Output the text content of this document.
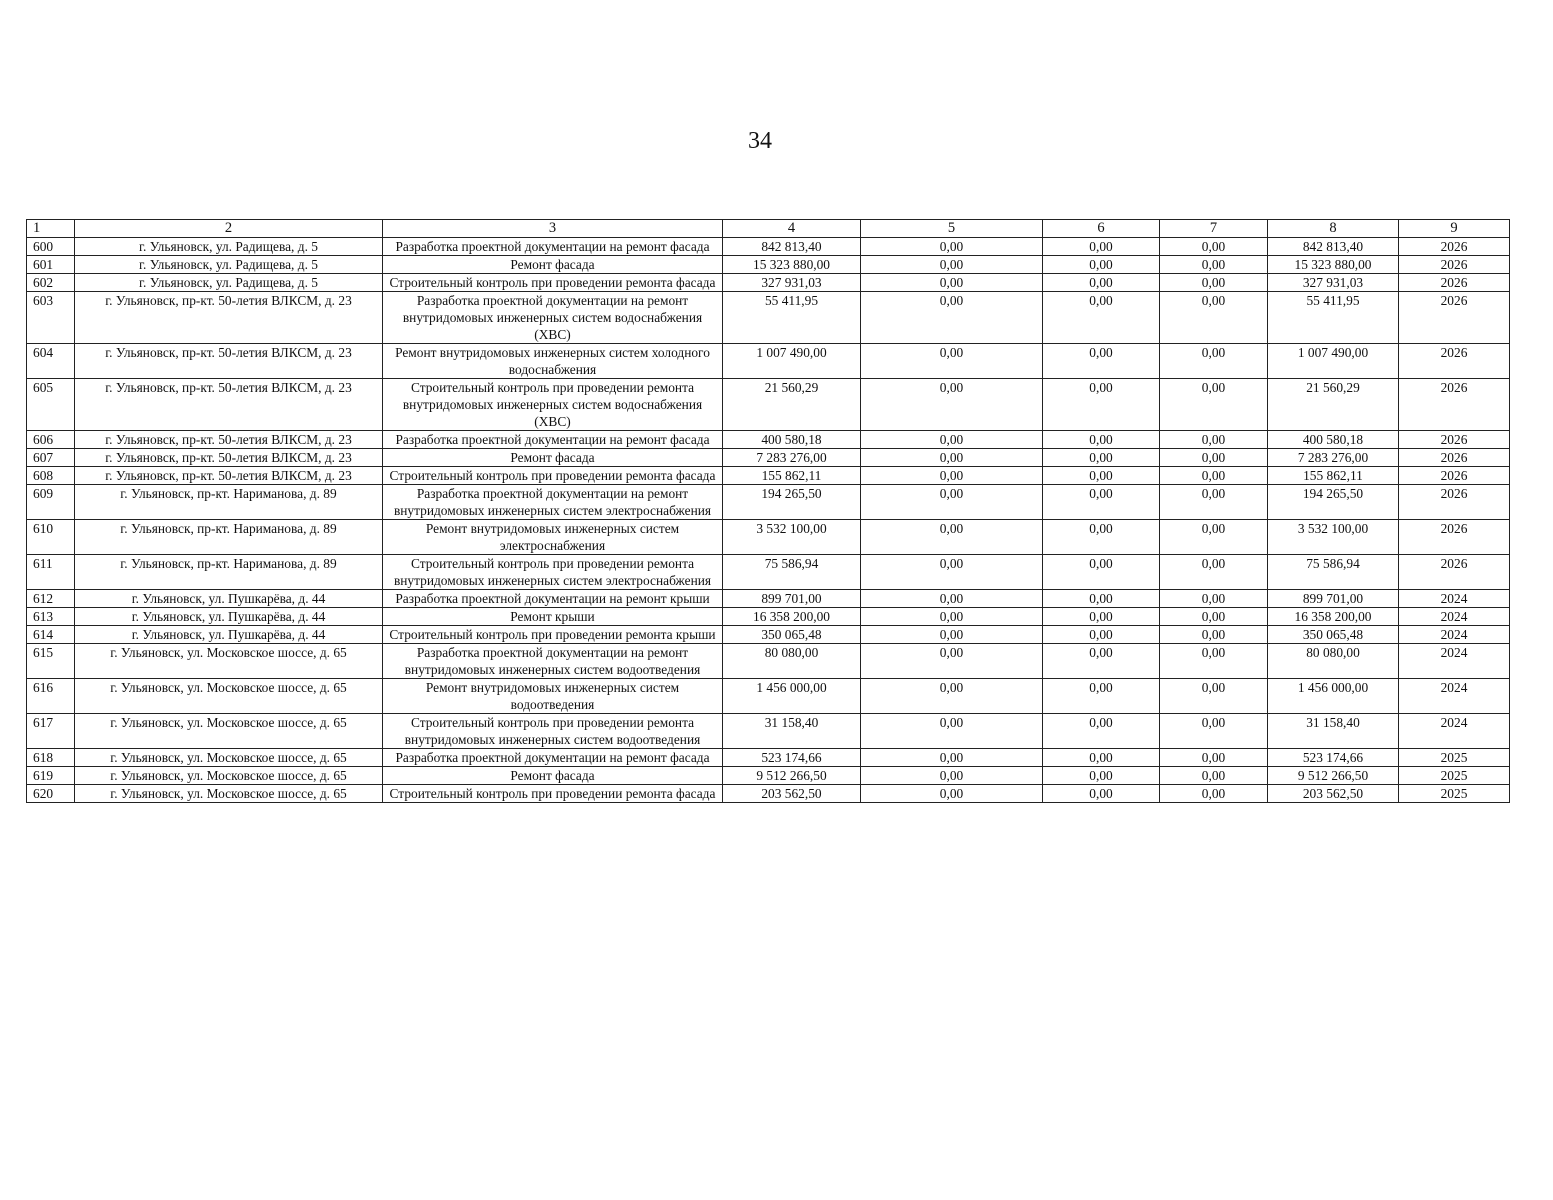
34
1	2	3	4	5	6	7	8	9
600	г. Ульяновск, ул. Радищева, д. 5	Разработка проектной документации на ремонт фасада	842 813,40	0,00	0,00	0,00	842 813,40	2026
601	г. Ульяновск, ул. Радищева, д. 5	Ремонт фасада	15 323 880,00	0,00	0,00	0,00	15 323 880,00	2026
602	г. Ульяновск, ул. Радищева, д. 5	Строительный контроль при проведении ремонта фасада	327 931,03	0,00	0,00	0,00	327 931,03	2026
603	г. Ульяновск, пр-кт. 50-летия ВЛКСМ, д. 23	Разработка проектной документации на ремонт внутридомовых инженерных систем водоснабжения (ХВС)	55 411,95	0,00	0,00	0,00	55 411,95	2026
604	г. Ульяновск, пр-кт. 50-летия ВЛКСМ, д. 23	Ремонт внутридомовых инженерных систем холодного водоснабжения	1 007 490,00	0,00	0,00	0,00	1 007 490,00	2026
605	г. Ульяновск, пр-кт. 50-летия ВЛКСМ, д. 23	Строительный контроль при проведении ремонта внутридомовых инженерных систем водоснабжения (ХВС)	21 560,29	0,00	0,00	0,00	21 560,29	2026
606	г. Ульяновск, пр-кт. 50-летия ВЛКСМ, д. 23	Разработка проектной документации на ремонт фасада	400 580,18	0,00	0,00	0,00	400 580,18	2026
607	г. Ульяновск, пр-кт. 50-летия ВЛКСМ, д. 23	Ремонт фасада	7 283 276,00	0,00	0,00	0,00	7 283 276,00	2026
608	г. Ульяновск, пр-кт. 50-летия ВЛКСМ, д. 23	Строительный контроль при проведении ремонта фасада	155 862,11	0,00	0,00	0,00	155 862,11	2026
609	г. Ульяновск, пр-кт. Нариманова, д. 89	Разработка проектной документации на ремонт внутридомовых инженерных систем электроснабжения	194 265,50	0,00	0,00	0,00	194 265,50	2026
610	г. Ульяновск, пр-кт. Нариманова, д. 89	Ремонт внутридомовых инженерных систем электроснабжения	3 532 100,00	0,00	0,00	0,00	3 532 100,00	2026
611	г. Ульяновск, пр-кт. Нариманова, д. 89	Строительный контроль при проведении ремонта внутридомовых инженерных систем электроснабжения	75 586,94	0,00	0,00	0,00	75 586,94	2026
612	г. Ульяновск, ул. Пушкарёва, д. 44	Разработка проектной документации на ремонт крыши	899 701,00	0,00	0,00	0,00	899 701,00	2024
613	г. Ульяновск, ул. Пушкарёва, д. 44	Ремонт крыши	16 358 200,00	0,00	0,00	0,00	16 358 200,00	2024
614	г. Ульяновск, ул. Пушкарёва, д. 44	Строительный контроль при проведении ремонта крыши	350 065,48	0,00	0,00	0,00	350 065,48	2024
615	г. Ульяновск, ул. Московское шоссе, д. 65	Разработка проектной документации на ремонт внутридомовых инженерных систем водоотведения	80 080,00	0,00	0,00	0,00	80 080,00	2024
616	г. Ульяновск, ул. Московское шоссе, д. 65	Ремонт внутридомовых инженерных систем водоотведения	1 456 000,00	0,00	0,00	0,00	1 456 000,00	2024
617	г. Ульяновск, ул. Московское шоссе, д. 65	Строительный контроль при проведении ремонта внутридомовых инженерных систем водоотведения	31 158,40	0,00	0,00	0,00	31 158,40	2024
618	г. Ульяновск, ул. Московское шоссе, д. 65	Разработка проектной документации на ремонт фасада	523 174,66	0,00	0,00	0,00	523 174,66	2025
619	г. Ульяновск, ул. Московское шоссе, д. 65	Ремонт фасада	9 512 266,50	0,00	0,00	0,00	9 512 266,50	2025
620	г. Ульяновск, ул. Московское шоссе, д. 65	Строительный контроль при проведении ремонта фасада	203 562,50	0,00	0,00	0,00	203 562,50	2025
